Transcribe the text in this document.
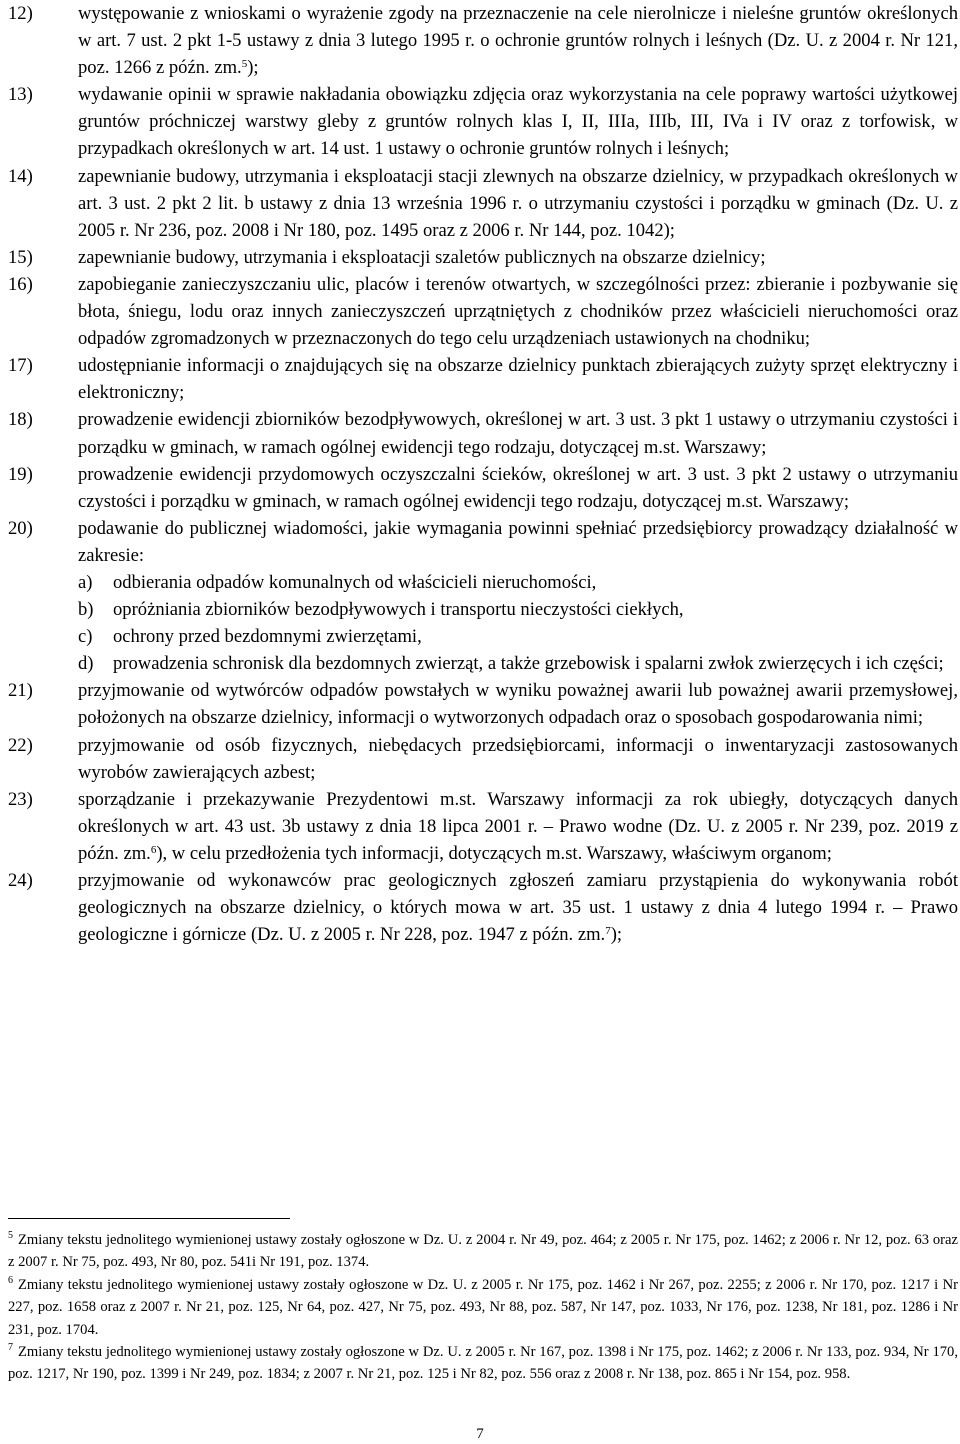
12)	występowanie z wnioskami o wyrażenie zgody na przeznaczenie na cele nierolnicze i nieleśne gruntów określonych w art. 7 ust. 2 pkt 1-5 ustawy z dnia 3 lutego 1995 r. o ochronie gruntów rolnych i leśnych (Dz. U. z 2004 r. Nr 121, poz. 1266 z późn. zm.$^5$);
13)	wydawanie opinii w sprawie nakładania obowiązku zdjęcia oraz wykorzystania na cele poprawy wartości użytkowej gruntów próchniczej warstwy gleby z gruntów rolnych klas I, II, IIIa, IIIb, III, IVa i IV oraz z torfowisk, w przypadkach określonych w art. 14 ust. 1 ustawy o ochronie gruntów rolnych i leśnych;
14)	zapewnianie budowy, utrzymania i eksploatacji stacji zlewnych na obszarze dzielnicy, w przypadkach określonych w art. 3 ust. 2 pkt 2 lit. b ustawy z dnia 13 września 1996 r. o utrzymaniu czystości i porządku w gminach (Dz. U. z 2005 r. Nr 236, poz. 2008 i Nr 180, poz. 1495 oraz z 2006 r. Nr 144, poz. 1042);
15)	zapewnianie budowy, utrzymania i eksploatacji szaletów publicznych na obszarze dzielnicy;
16)	zapobieganie zanieczyszczaniu ulic, placów i terenów otwartych, w szczególności przez: zbieranie i pozbywanie się błota, śniegu, lodu oraz innych zanieczyszczeń uprzątniętych z chodników przez właścicieli nieruchomości oraz odpadów zgromadzonych w przeznaczonych do tego celu urządzeniach ustawionych na chodniku;
17)	udostępnianie informacji o znajdujących się na obszarze dzielnicy punktach zbierających zużyty sprzęt elektryczny i elektroniczny;
18)	prowadzenie ewidencji zbiorników bezodpływowych, określonej w art. 3 ust. 3 pkt 1 ustawy o utrzymaniu czystości i porządku w gminach, w ramach ogólnej ewidencji tego rodzaju, dotyczącej m.st. Warszawy;
19)	prowadzenie ewidencji przydomowych oczyszczalni ścieków, określonej w art. 3 ust. 3 pkt 2 ustawy o utrzymaniu czystości i porządku w gminach, w ramach ogólnej ewidencji tego rodzaju, dotyczącej m.st. Warszawy;
20)	podawanie do publicznej wiadomości, jakie wymagania powinni spełniać przedsiębiorcy prowadzący działalność w zakresie:
a)	odbierania odpadów komunalnych od właścicieli nieruchomości,
b)	opróżniania zbiorników bezodpływowych i transportu nieczystości ciekłych,
c)	ochrony przed bezdomnymi zwierzętami,
d)	prowadzenia schronisk dla bezdomnych zwierząt, a także grzebowisk i spalarni zwłok zwierzęcych i ich części;
21)	przyjmowanie od wytwórców odpadów powstałych w wyniku poważnej awarii lub poważnej awarii przemysłowej, położonych na obszarze dzielnicy, informacji o wytworzonych odpadach oraz o sposobach gospodarowania nimi;
22)	przyjmowanie od osób fizycznych, niebędacych przedsiębiorcami, informacji o inwentaryzacji zastosowanych wyrobów zawierających azbest;
23)	sporządzanie i przekazywanie Prezydentowi m.st. Warszawy informacji za rok ubiegły, dotyczących danych określonych w art. 43 ust. 3b ustawy z dnia 18 lipca 2001 r. – Prawo wodne (Dz. U. z 2005 r. Nr 239, poz. 2019 z późn. zm.$^6$), w celu przedłożenia tych informacji, dotyczących m.st. Warszawy, właściwym organom;
24)	przyjmowanie od wykonawców prac geologicznych zgłoszeń zamiaru przystąpienia do wykonywania robót geologicznych na obszarze dzielnicy, o których mowa w art. 35 ust. 1 ustawy z dnia 4 lutego 1994 r. – Prawo geologiczne i górnicze (Dz. U. z 2005 r. Nr 228, poz. 1947 z późn. zm.$^7$);
$^5$ Zmiany tekstu jednolitego wymienionej ustawy zostały ogłoszone w Dz. U. z 2004 r. Nr 49, poz. 464; z 2005 r. Nr 175, poz. 1462; z 2006 r. Nr 12, poz. 63 oraz z 2007 r. Nr 75, poz. 493, Nr 80, poz. 541i Nr 191, poz. 1374.
$^6$ Zmiany tekstu jednolitego wymienionej ustawy zostały ogłoszone w Dz. U. z 2005 r. Nr 175, poz. 1462 i Nr 267, poz. 2255; z 2006 r. Nr 170, poz. 1217 i Nr 227, poz. 1658 oraz z 2007 r. Nr 21, poz. 125, Nr 64, poz. 427, Nr 75, poz. 493, Nr 88, poz. 587, Nr 147, poz. 1033, Nr 176, poz. 1238, Nr 181, poz. 1286 i Nr 231, poz. 1704.
$^7$ Zmiany tekstu jednolitego wymienionej ustawy zostały ogłoszone w Dz. U. z 2005 r. Nr 167, poz. 1398 i Nr 175, poz. 1462; z 2006 r. Nr 133, poz. 934, Nr 170, poz. 1217, Nr 190, poz. 1399 i Nr 249, poz. 1834; z 2007 r. Nr 21, poz. 125 i Nr 82, poz. 556 oraz z 2008 r. Nr 138, poz. 865 i Nr 154, poz. 958.
7
